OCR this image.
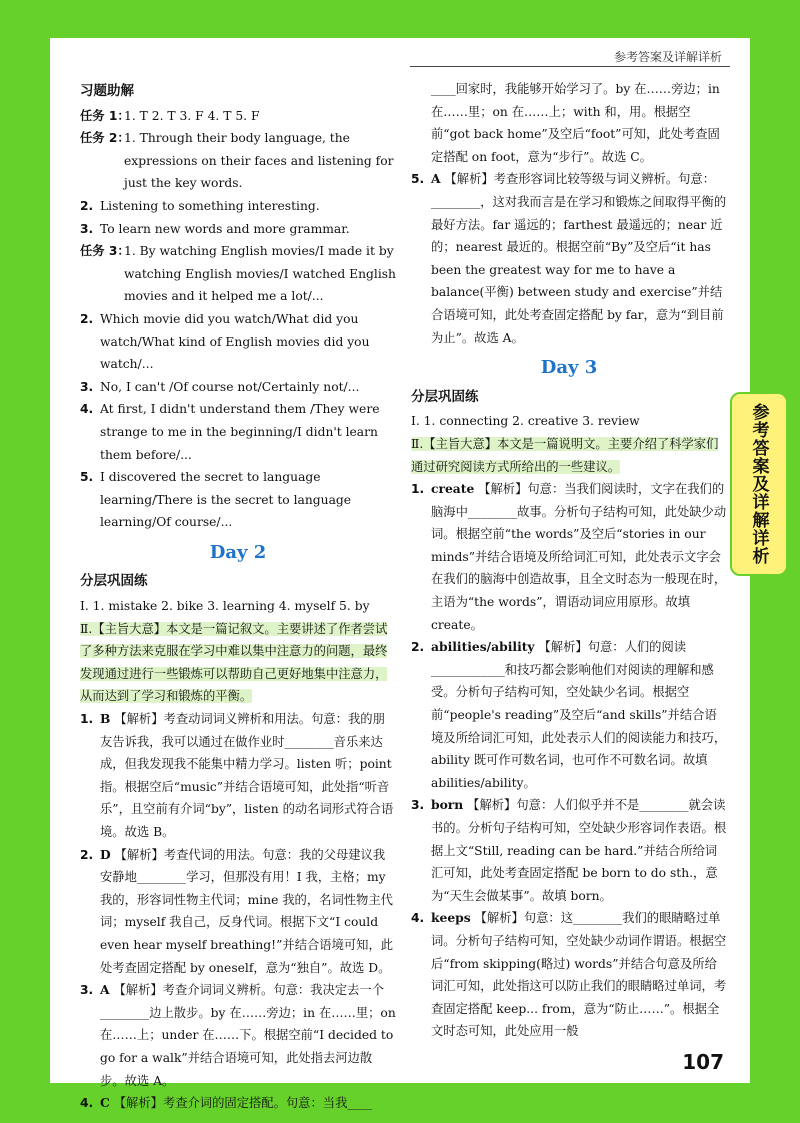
参考答案及详解详析
习题助解
任务 1：
1. T 2. T 3. F 4. T 5. F
任务 2：
1. Through their body language, the expressions on their faces and listening for just the key words.
2. Listening to something interesting.
3. To learn new words and more grammar.
任务 3：
1. By watching English movies/I made it by watching English movies/I watched English movies and it helped me a lot/...
2. Which movie did you watch/What did you watch/What kind of English movies did you watch/...
3. No, I can't /Of course not/Certainly not/...
4. At first, I didn't understand them /They were strange to me in the beginning/I didn't learn them before/...
5. I discovered the secret to language learning/There is the secret to language learning/Of course/...
Day 2
分层巩固练

Ⅰ. 1. mistake 2. bike 3. learning 4. myself 5. by

Ⅱ.【主旨大意】本文是一篇记叙文。主要讲述了作者尝试了多种方法来克服在学习中难以集中注意力的问题，最终发现通过进行一些锻炼可以帮助自己更好地集中注意力，从而达到了学习和锻炼的平衡。

1. B 【解析】考查动词词义辨析和用法。句意：我的朋友告诉我，我可以通过在做作业时________音乐来达成，但我发现我不能集中精力学习。listen 听；point 指。根据空后“music”并结合语境可知，此处指“听音乐”，且空前有介词“by”，listen 的动名词形式符合语境。故选 B。
2. D 【解析】考查代词的用法。句意：我的父母建议我安静地________学习，但那没有用！I 我，主格；my 我的，形容词性物主代词；mine 我的，名词性物主代词；myself 我自己，反身代词。根据下文“I could even hear myself breathing!”并结合语境可知，此处考查固定搭配 by oneself，意为“独自”。故选 D。
3. A 【解析】考查介词词义辨析。句意：我决定去一个________边上散步。by 在……旁边；in 在……里；on 在……上；under 在……下。根据空前“I decided to go for a walk”并结合语境可知，此处指去河边散步。故选 A。
4. C 【解析】考查介词的固定搭配。句意：当我____

____回家时，我能够开始学习了。by 在……旁边；in 在……里；on 在……上；with 和，用。根据空前“got back home”及空后“foot”可知，此处考查固定搭配 on foot，意为“步行”。故选 C。

5. A 【解析】考查形容词比较等级与词义辨析。句意：________，这对我而言是在学习和锻炼之间取得平衡的最好方法。far 遥远的；farthest 最遥远的；near 近的；nearest 最近的。根据空前“By”及空后“it has been the greatest way for me to have a balance(平衡) between study and exercise”并结合语境可知，此处考查固定搭配 by far，意为“到目前为止”。故选 A。
Day 3
分层巩固练

Ⅰ. 1. connecting 2. creative 3. review

Ⅱ.【主旨大意】本文是一篇说明文。主要介绍了科学家们通过研究阅读方式所给出的一些建议。

1. create 【解析】句意：当我们阅读时，文字在我们的脑海中________故事。分析句子结构可知，此处缺少动词。根据空前“the words”及空后“stories in our minds”并结合语境及所给词汇可知，此处表示文字会在我们的脑海中创造故事，且全文时态为一般现在时，主语为“the words”，谓语动词应用原形。故填 create。
2. abilities/ability 【解析】句意：人们的阅读____________和技巧都会影响他们对阅读的理解和感受。分析句子结构可知，空处缺少名词。根据空前“people's reading”及空后“and skills”并结合语境及所给词汇可知，此处表示人们的阅读能力和技巧，ability 既可作可数名词，也可作不可数名词。故填 abilities/ability。
3. born 【解析】句意：人们似乎并不是________就会读书的。分析句子结构可知，空处缺少形容词作表语。根据上文“Still, reading can be hard.”并结合所给词汇可知，此处考查固定搭配 be born to do sth.，意为“天生会做某事”。故填 born。
4. keeps 【解析】句意：这________我们的眼睛略过单词。分析句子结构可知，空处缺少动词作谓语。根据空后“from skipping(略过) words”并结合句意及所给词汇可知，此处指这可以防止我们的眼睛略过单词，考查固定搭配 keep... from，意为“防止……”。根据全文时态可知，此处应用一般
参考答案及详解详析
107
